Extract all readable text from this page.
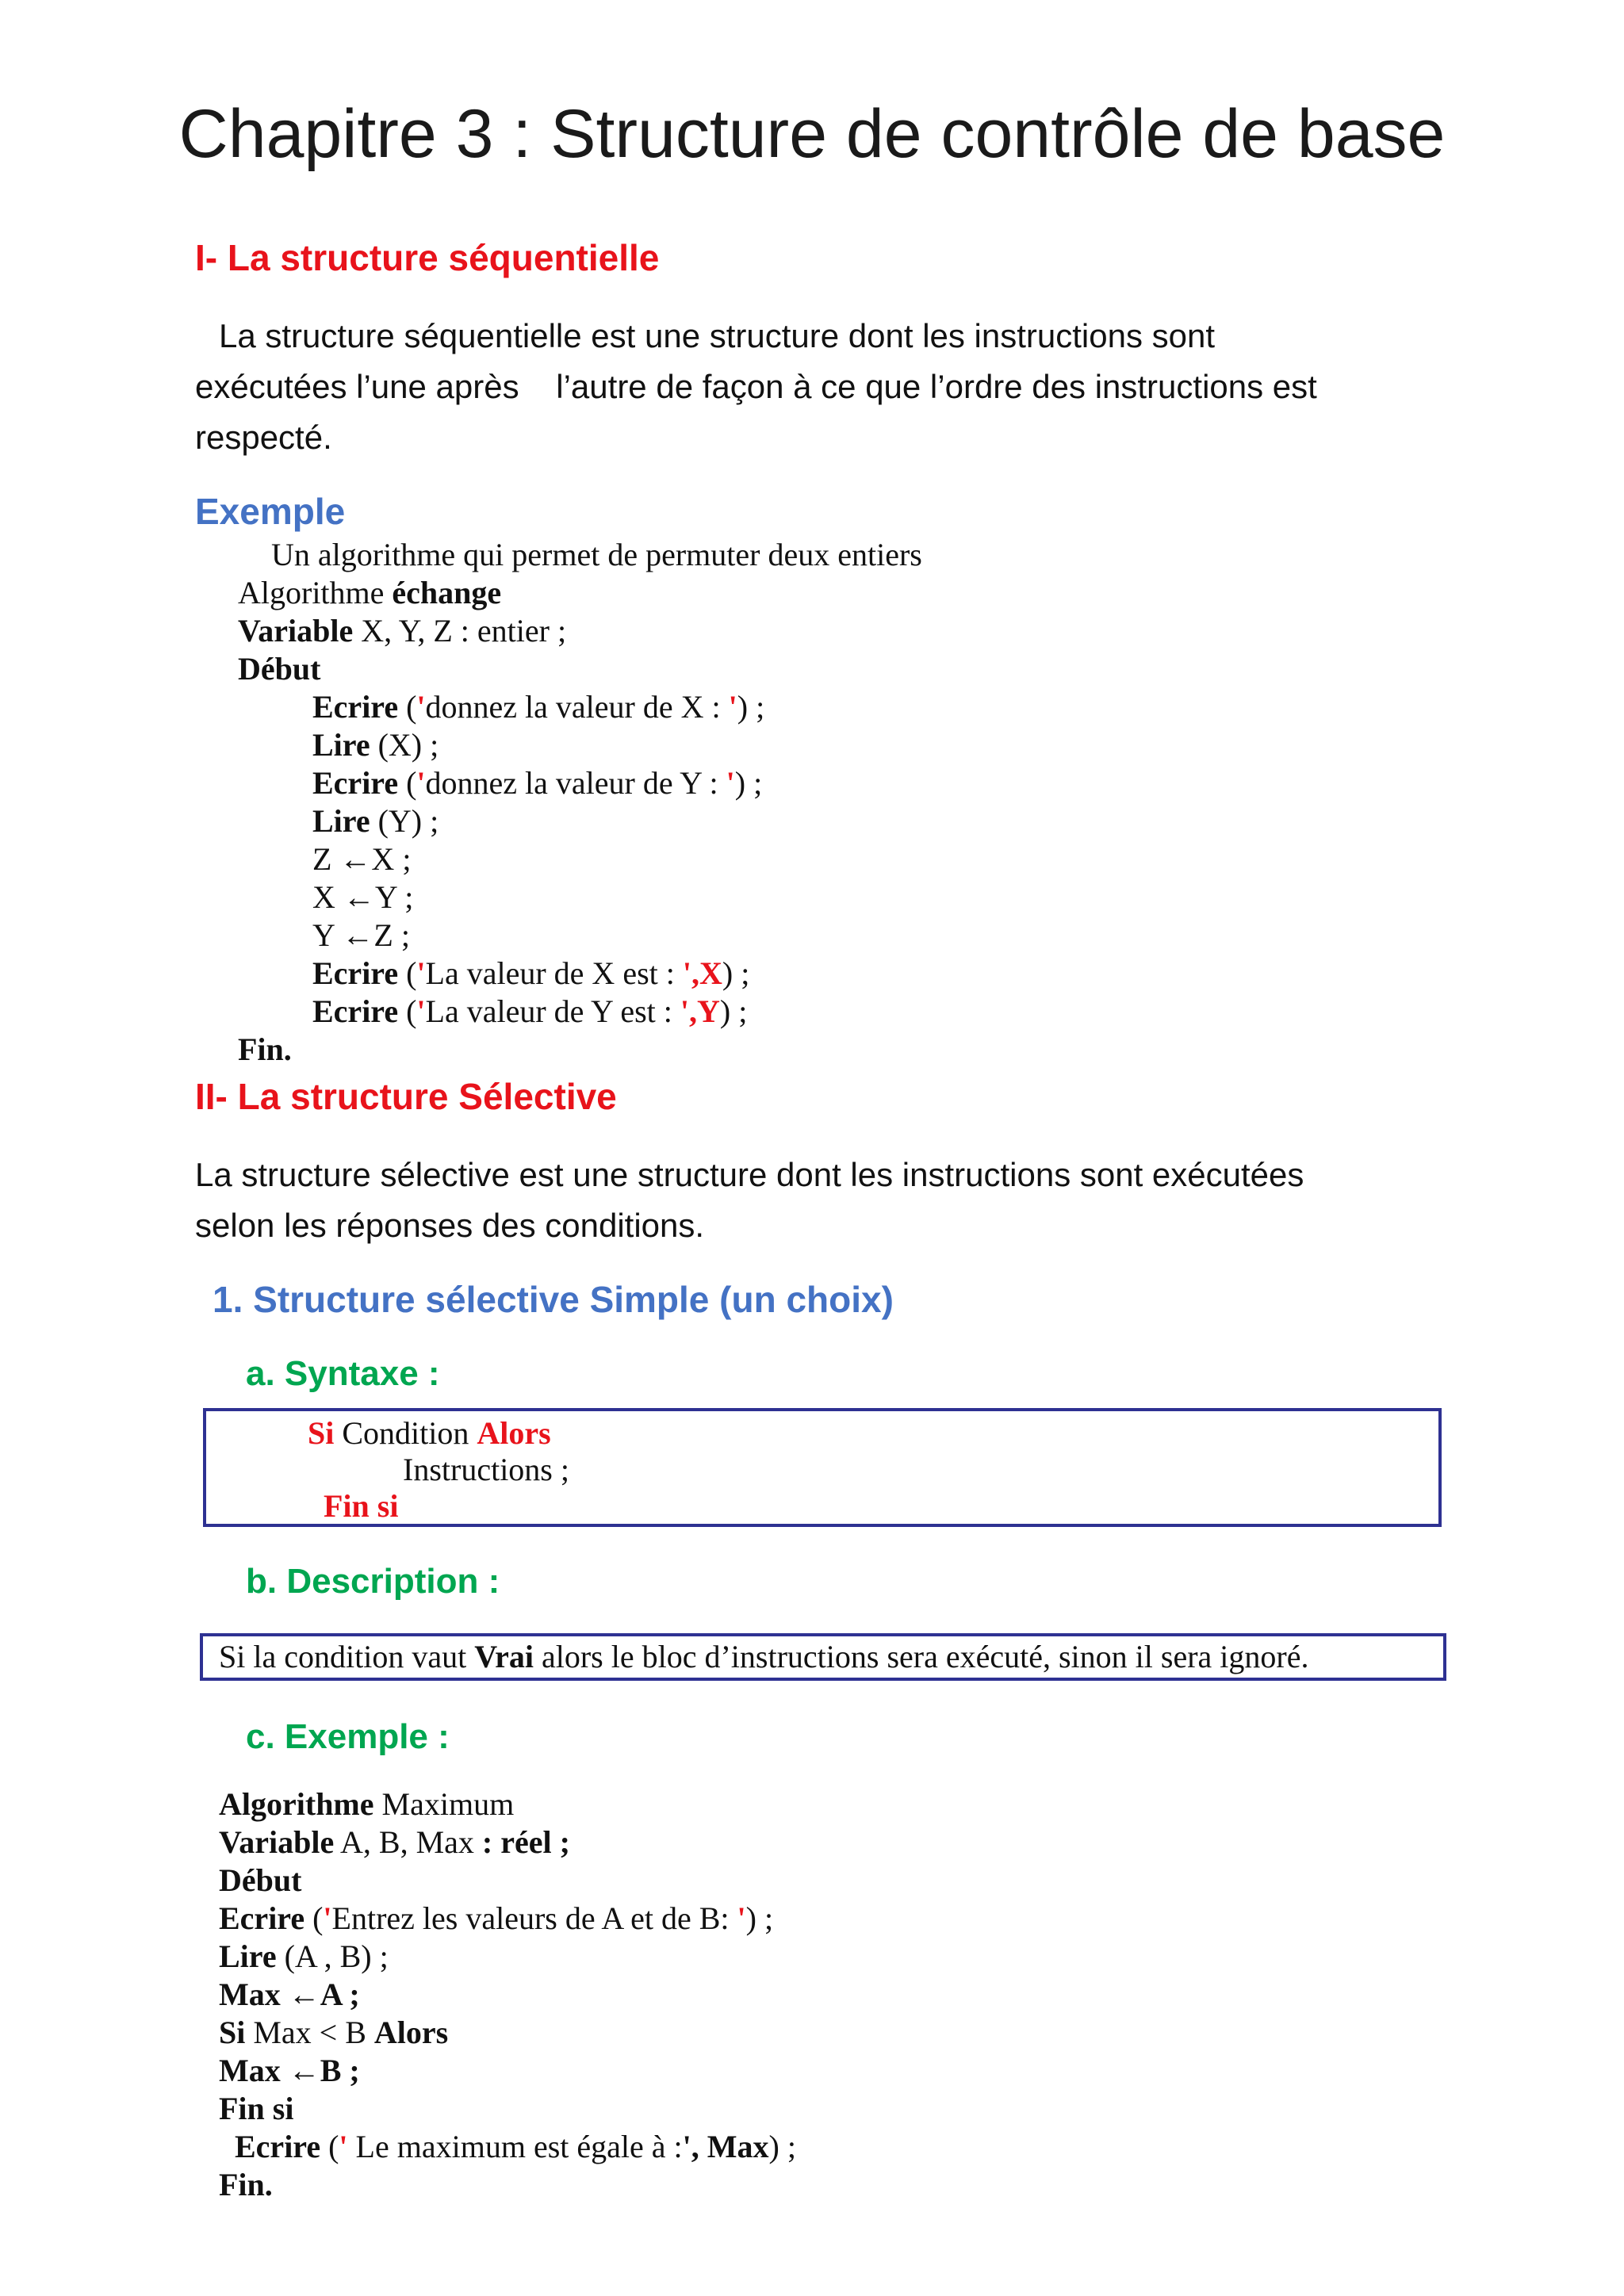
Chapitre 3 : Structure de contrôle de base
I- La structure séquentielle
La structure séquentielle est une structure dont les instructions sont
exécutées l’une après    l’autre de façon à ce que l’ordre des instructions est
respecté.
Exemple
Un algorithme qui permet de permuter deux entiers
Algorithme échange
Variable X, Y, Z : entier ;
Début
Ecrire ('donnez la valeur de X : ') ;
Lire (X) ;
Ecrire ('donnez la valeur de Y : ') ;
Lire (Y) ;
Z ←X ;
X ←Y ;
Y ←Z ;
Ecrire ('La valeur de X est : ',X) ;
Ecrire ('La valeur de Y est : ',Y) ;
Fin.
II- La structure Sélective
La structure sélective est une structure dont les instructions sont exécutées
selon les réponses des conditions.
1. Structure sélective Simple (un choix)
a. Syntaxe :
Si Condition Alors
Instructions ;
Fin si
b. Description :
Si la condition vaut Vrai alors le bloc d’instructions sera exécuté, sinon il sera ignoré.
c. Exemple :
Algorithme Maximum
Variable A, B, Max : réel ;
Début
Ecrire ('Entrez les valeurs de A et de B: ') ;
Lire (A , B) ;
Max ←A ;
Si Max < B Alors
Max ←B ;
Fin si
Ecrire (' Le maximum est égale à :', Max) ;
Fin.
